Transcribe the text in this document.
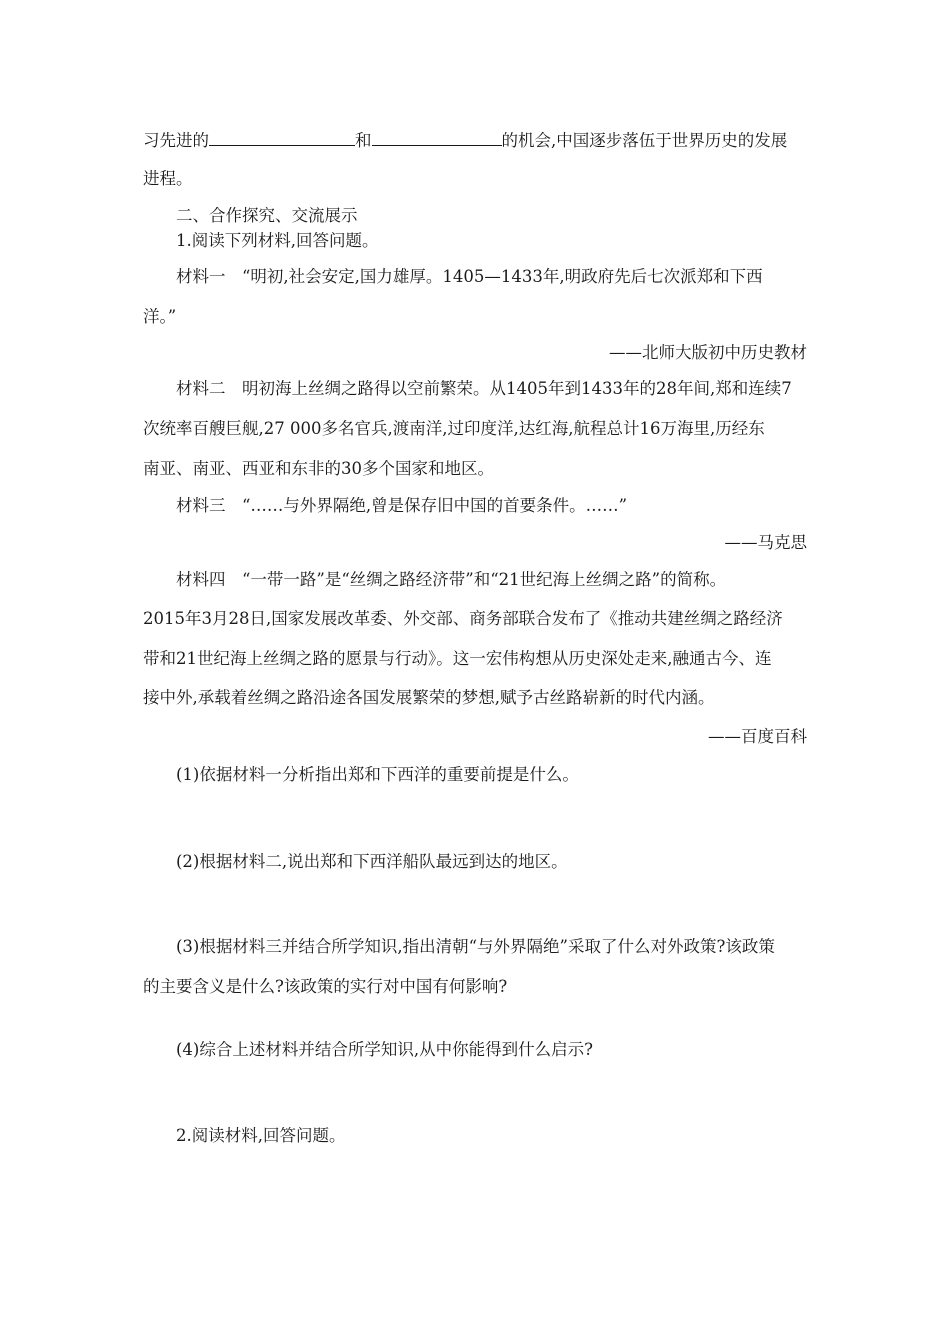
习先进的	和	的机会,中国逐步落伍于世界历史的发展
进程。
二、合作探究、交流展示
1.阅读下列材料,回答问题。
材料一　“明初,社会安定,国力雄厚。1405—1433年,明政府先后七次派郑和下西
洋。”
——北师大版初中历史教材
材料二　明初海上丝绸之路得以空前繁荣。从1405年到1433年的28年间,郑和连续7
次统率百艘巨舰,27 000多名官兵,渡南洋,过印度洋,达红海,航程总计16万海里,历经东
南亚、南亚、西亚和东非的30多个国家和地区。
材料三　“……与外界隔绝,曾是保存旧中国的首要条件。……”
——马克思
材料四　“一带一路”是“丝绸之路经济带”和“21世纪海上丝绸之路”的简称。
2015年3月28日,国家发展改革委、外交部、商务部联合发布了《推动共建丝绸之路经济
带和21世纪海上丝绸之路的愿景与行动》。这一宏伟构想从历史深处走来,融通古今、连
接中外,承载着丝绸之路沿途各国发展繁荣的梦想,赋予古丝路崭新的时代内涵。
——百度百科
(1)依据材料一分析指出郑和下西洋的重要前提是什么。
(2)根据材料二,说出郑和下西洋船队最远到达的地区。
(3)根据材料三并结合所学知识,指出清朝“与外界隔绝”采取了什么对外政策?该政策
的主要含义是什么?该政策的实行对中国有何影响?
(4)综合上述材料并结合所学知识,从中你能得到什么启示?
2.阅读材料,回答问题。
